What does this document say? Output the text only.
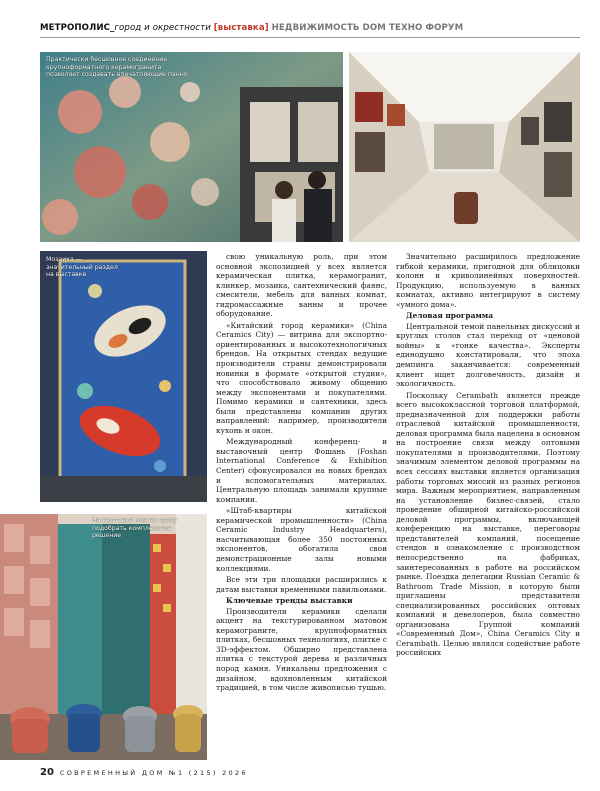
МЕТРОПОЛИС_город и окрестности [выставка] НЕДВИЖИМОСТЬ DOM ТЕХНО ФОРУМ
Практически бесшовное соединение крупноформатного керамогранита позволяет создавать впечатляющие панно
Мозаика — значительный раздел на выставке
На выставке можно сразу подобрать комплексное решение

свою уникальную роль, при этом основной экспозицией у всех является керамическая плитка, керамогранит, клинкер, мозаика, сантехнический фаянс, смесители, мебель для ванных комнат, гидромассажные ванны и прочее оборудование.

«Китайский город керамики» (China Ceramics City) — витрина для экспортно-ориентированных и высокотехнологичных брендов. На открытых стендах ведущие производители страны демонстрировали новинки в формате «открытой студии», что способствовало живому общению между экспонентами и покупателями. Помимо керамики и сантехники, здесь были представлены компании других направлений: например, производители кухонь и окон.

Международный конференц- и выставочный центр Фошань (Foshan International Conference & Exhibition Center) сфокусировался на новых брендах и вспомогательных материалах. Центральную площадь занимали крупные компании.

«Штаб-квартиры китайской керамической промышленности» (China Ceramic Industry Headquarters), насчитывающая более 350 постоянных экспонентов, обогатила свои демонстрационные залы новыми коллекциями.

Все эти три площадки расширились к датам выставки временными павильонами.

Ключевые тренды выставки

Производители керамики сделали акцент на текстурированном матовом керамограните, крупноформатных плитках, бесшовных технологиях, плитке с 3D-эффектом. Обширно представлена плитка с текстурой дерева и различных пород камня. Уникальны предложения с дизайном, вдохновленным китайской традицией, в том числе живописью тушью.

Значительно расширилось предложение гибкой керамики, пригодной для облицовки колонн и криволинейных поверхностей. Продукцию, используемую в ванных комнатах, активно интегрируют в систему «умного дома».

Деловая программа

Центральной темой панельных дискуссий и круглых столов стал переход от «ценовой войны» к «гонке качества». Эксперты единодушно констатировали, что эпоха демпинга заканчивается: современный клиент ищет долговечность, дизайн и экологичность.

Поскольку Cerambath является прежде всего высококлассной торговой платформой, предназначенной для поддержки работы отраслевой китайской промышленности, деловая программа была нацелена в основном на построение связи между оптовыми покупателями и производителями. Поэтому значимым элементом деловой программы на всех сессиях выставки является организация работы торговых миссий из разных регионов мира. Важным мероприятием, направленным на установление бизнес-связей, стало проведение обширной китайско-российской деловой программы, включающей конференцию на выставке, переговоры представителей компаний, посещение стендов и ознакомление с производством непосредственно на фабриках, заинтересованных в работе на российском рынке. Поездка делегации Russian Ceramic & Bathroom Trade Mission, в которую были приглашены представители специализированных российских оптовых компаний и девелоперов, была совместно организована Группой компаний «Современный Дом», China Ceramics City и Cerambath. Целью являлся содействие работе российских

20 СОВРЕМЕННЫЙ ДОМ №1 (215) 2026
